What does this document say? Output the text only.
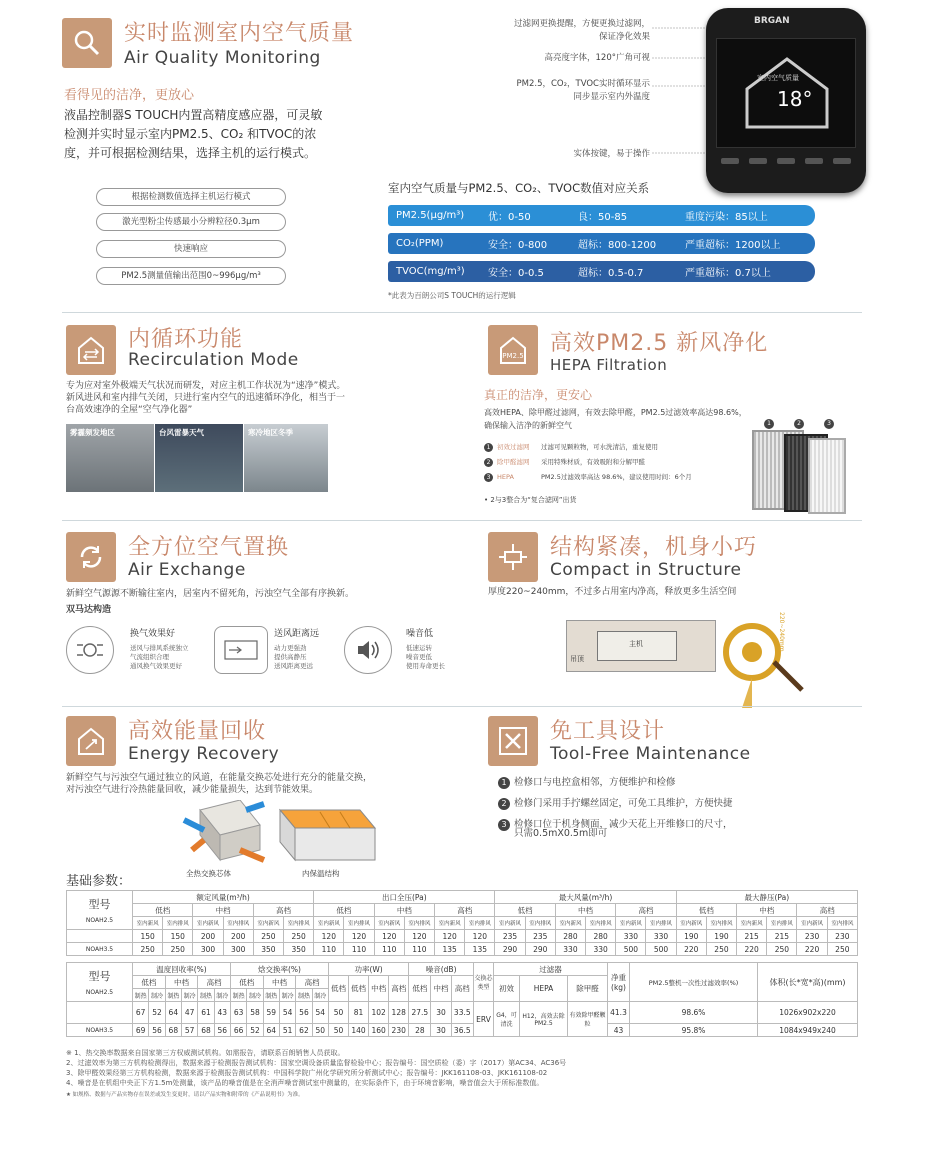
实时监测室内空气质量
Air Quality Monitoring
看得见的洁净，更放心
液晶控制器S TOUCH内置高精度感应器，可灵敏
检测并实时显示室内PM2.5、CO₂ 和TVOC的浓
度，并可根据检测结果，选择主机的运行模式。
根据检测数值选择主机运行模式
激光型粉尘传感最小分辨粒径0.3μm
快速响应
PM2.5测量值输出范围0~996μg/m³
过滤网更换提醒，方便更换过滤网，
保证净化效果
高亮度字体，120°广角可视
PM2.5，CO₂，TVOC实时循环显示
同步显示室内外温度
实体按键，易于操作
BRGAN
室内空气质量
18°
室内空气质量与PM2.5、CO₂、TVOC数值对应关系
PM2.5(μg/m³) 优：0-50	良：50-85	重度污染：85以上
CO₂(PPM)	安全：0-800	超标：800-1200	严重超标：1200以上
TVOC(mg/m³) 安全：0-0.5	超标：0.5-0.7	严重超标：0.7以上
*此表为百朗公司S TOUCH的运行逻辑
内循环功能
Recirculation Mode
专为应对室外极端天气状况而研发，对应主机工作状况为“速净”模式。
新风进风和室内排气关闭，只进行室内空气的迅速循环净化，相当于一
台高效速净的全屋“空气净化器”
雾霾频发地区	台风雷暴天气	寒冷地区冬季
PM2.5 高效PM2.5 新风净化
HEPA Filtration
真正的洁净，更安心
高效HEPA、除甲醛过滤网，有效去除甲醛，PM2.5过滤效率高达98.6%，
确保输入洁净的新鲜空气
1 初效过滤网 过滤可见颗粒物，可水洗清洁，重复使用
2 除甲醛滤网 采用特殊材质，有效吸附和分解甲醛
3 HEPA	PM2.5过滤效率高达 98.6%，建议使用时间：6个月
• 2与3整合为“复合滤网”出货
1	2	3
全方位空气置换
Air Exchange
新鲜空气源源不断输往室内，居室内不留死角，污浊空气全部有序换新。
双马达构造
换气效果好
送风与排风系统独立
气流组织合理
通风换气效果更好
送风距离远
动力更强劲
提供高静压
送风距离更远
噪音低
低速运转
噪音更低
使用寿命更长
结构紧凑，机身小巧
Compact in Structure
厚度220~240mm，不过多占用室内净高，释放更多生活空间
主机
吊顶
220~240mm
高效能量回收
Energy Recovery
新鲜空气与污浊空气通过独立的风道，在能量交换芯处进行充分的能量交换，
对污浊空气进行冷热能量回收，减少能量损失，达到节能效果。
全热交换芯体	内保温结构
免工具设计
Tool-Free Maintenance
1 检修口与电控盒相邻，方便维护和检修
2 检修门采用手拧螺丝固定，可免工具维护，方便快捷
3 检修口位于机身侧面，减少天花上开维修口的尺寸，
只需0.5mX0.5m即可
基础参数：
型号
NOAH2.5	额定风量(m³/h)						出口全压(Pa)						最大风量(m³/h)						最大静压(Pa)					
	低档		中档		高档		低档		中档		高档		低档		中档		高档		低档		中档		高档	
	室内新风	室内排风	室内新风	室内排风	室内新风	室内排风	室内新风	室内排风	室内新风	室内排风	室内新风	室内排风	室内新风	室内排风	室内新风	室内排风	室内新风	室内排风	室内新风	室内排风	室内新风	室内排风	室内新风	室内排风
	150	150	200	200	250	250	120	120	120	120	120	120	235	235	280	280	330	330	190	190	215	215	230	230

NOAH3.5	250	250	300	300	350	350	110	110	110	110	135	135	290	290	330	330	500	500	220	250	220	250	220	250
型号
NOAH2.5	温度回收率(%)						焓交换率(%)						功率(W)				噪音(dB)			交换芯类型	过滤器			净重(kg)	PM2.5整机一次性过滤效率(%)	体积(长*宽*高)(mm)
	低档		中档		高档		低档		中档		高档		低档	低档	中档	高档	低档	中档	高档		初效	HEPA	除甲醛			
	制热	制冷	制热	制冷	制热	制冷	制热	制冷	制热	制冷	制热	制冷														
	67	52	64	47	61	43	63	58	59	54	56	54	50	81	102	128	27.5	30	33.5	ERV	G4，可清洗	H12，高效去除PM2.5	有效除甲醛颗粒	41.3	98.6%	1026x902x220
NOAH3.5	69	56	68	57	68	56	66	52	64	51	62	50	50	140	160	230	28	30	36.5					43	95.8%	1084x949x240
※ 1、热交换率数据来自国家第三方权威测试机构。如需报告，请联系百朗销售人员获取。
2、过滤效率为第三方机构检测得出，数据来源于检测报告测试机构：国家空调设备质量监督检验中心；报告编号：国空质检（委）字（2017）第AC34、AC36号
3、除甲醛效果经第三方机构检测，数据来源于检测报告测试机构：中国科学院广州化学研究所分析测试中心；报告编号：JKK161108-03、JKK161108-02
4、噪音是在机组中央正下方1.5m处测量，该产品的噪音值是在全消声噪音测试室中测量的，在实际条件下，由于环境音影响，噪音值会大于所标准数值。
★ 如规格、数据与产品实物存在误差或发生变更时，请以产品实物和附带的《产品说明书》为准。
